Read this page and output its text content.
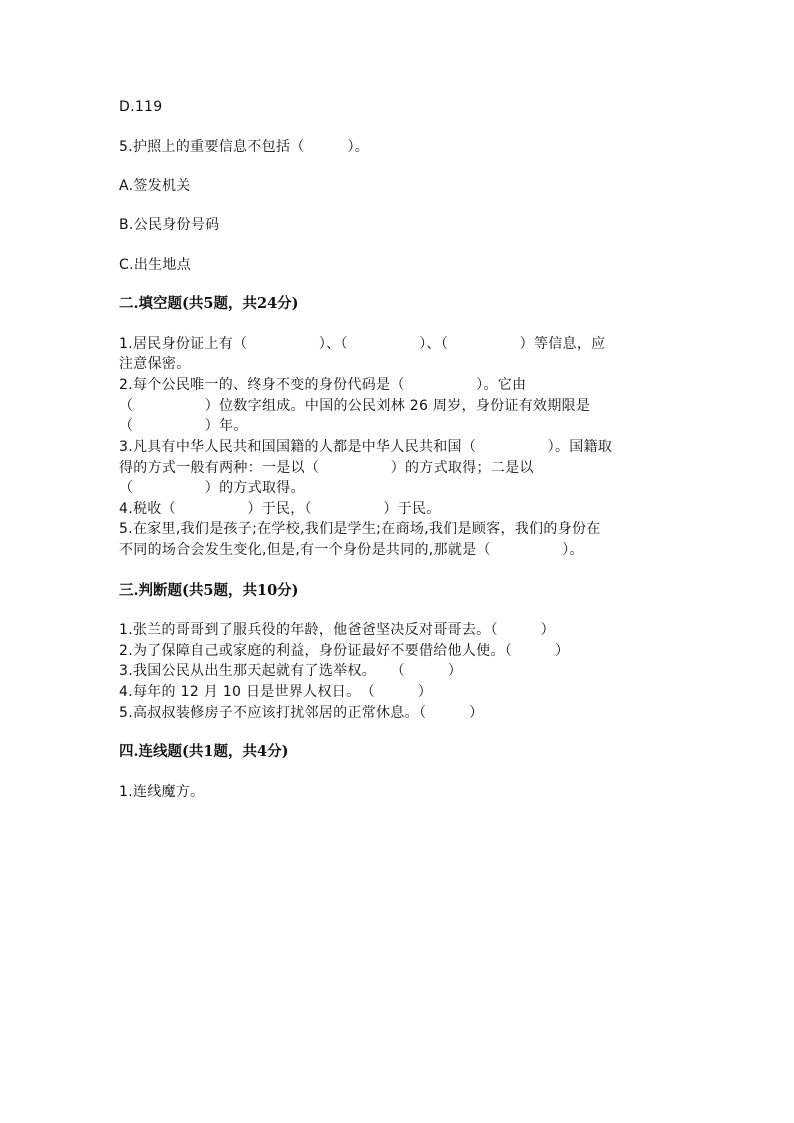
D.119
5.护照上的重要信息不包括（　　　）。
A.签发机关
B.公民身份号码
C.出生地点
二.填空题(共5题，共24分)
1.居民身份证上有（　　　　　）、（　　　　　）、（　　　　　）等信息，应
注意保密。
2.每个公民唯一的、终身不变的身份代码是（　　　　　）。它由
（　　　　　）位数字组成。中国的公民刘林 26 周岁，身份证有效期限是
（　　　　　）年。
3.凡具有中华人民共和国国籍的人都是中华人民共和国（　　　　　）。国籍取
得的方式一般有两种：一是以（　　　　　）的方式取得；二是以
（　　　　　）的方式取得。
4.税收（　　　　　）于民，（　　　　　）于民。
5.在家里,我们是孩子;在学校,我们是学生;在商场,我们是顾客，我们的身份在
不同的场合会发生变化,但是,有一个身份是共同的,那就是（　　　　　）。
三.判断题(共5题，共10分)
1.张兰的哥哥到了服兵役的年龄，他爸爸坚决反对哥哥去。（　　　）
2.为了保障自己或家庭的利益，身份证最好不要借给他人使。（　　　）
3.我国公民从出生那天起就有了选举权。　　（　　　）
4.每年的 12 月 10 日是世界人权日。　（　　　）
5.高叔叔装修房子不应该打扰邻居的正常休息。（　　　）
四.连线题(共1题，共4分)
1.连线魔方。
